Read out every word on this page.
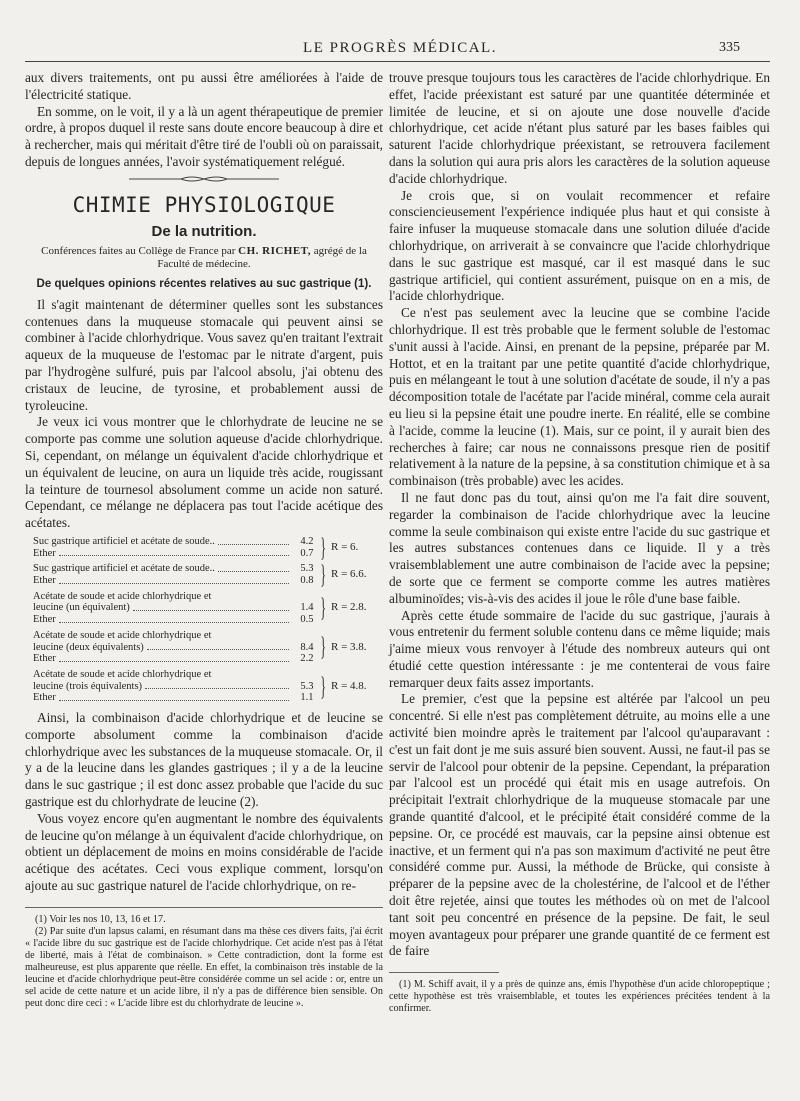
LE PROGRÈS MÉDICAL.	335

aux divers traitements, ont pu aussi être améliorées à l'aide de l'électricité statique.

En somme, on le voit, il y a là un agent thérapeutique de premier ordre, à propos duquel il reste sans doute encore beaucoup à dire et à rechercher, mais qui méritait d'être tiré de l'oubli où on paraissait, depuis de longues années, l'avoir systématiquement relégué.

CHIMIE PHYSIOLOGIQUE
De la nutrition.
Conférences faites au Collège de France par CH. RICHET, agrégé de la Faculté de médecine.
De quelques opinions récentes relatives au suc gastrique (1).

Il s'agit maintenant de déterminer quelles sont les substances contenues dans la muqueuse stomacale qui peuvent ainsi se combiner à l'acide chlorhydrique. Vous savez qu'en traitant l'extrait aqueux de la muqueuse de l'estomac par le nitrate d'argent, puis par l'hydrogène sulfuré, puis par l'alcool absolu, j'ai obtenu des cristaux de leucine, de tyrosine, et probablement aussi de tyroleucine.

Je veux ici vous montrer que le chlorhydrate de leucine ne se comporte pas comme une solution aqueuse d'acide chlorhydrique. Si, cependant, on mélange un équivalent d'acide chlorhydrique et un équivalent de leucine, on aura un liquide très acide, rougissant la teinture de tournesol absolument comme un acide non saturé. Cependant, ce mélange ne déplacera pas tout l'acide acétique des acétates.

Suc gastrique artificiel et acétate de soude..	4.2
Ether	0.7 } R = 6.
Suc gastrique artificiel et acétate de soude..	5.3
Ether	0.8 } R = 6.6.
Acétate de soude et acide chlorhydrique et
leucine (un équivalent)	1.4
Ether	0.5 } R = 2.8.
Acétate de soude et acide chlorhydrique et
leucine (deux équivalents)	8.4
Ether	2.2 } R = 3.8.
Acétate de soude et acide chlorhydrique et
leucine (trois équivalents)	5.3
Ether	1.1 } R = 4.8.

Ainsi, la combinaison d'acide chlorhydrique et de leucine se comporte absolument comme la combinaison d'acide chlorhydrique avec les substances de la muqueuse stomacale. Or, il y a de la leucine dans les glandes gastriques ; il y a de la leucine dans le suc gastrique ; il est donc assez probable que l'acide du suc gastrique est du chlorhydrate de leucine (2).

Vous voyez encore qu'en augmentant le nombre des équivalents de leucine qu'on mélange à un équivalent d'acide chlorhydrique, on obtient un déplacement de moins en moins considérable de l'acide acétique des acétates. Ceci vous explique comment, lorsqu'on ajoute au suc gastrique naturel de l'acide chlorhydrique, on re-

(1) Voir les nos 10, 13, 16 et 17.

(2) Par suite d'un lapsus calami, en résumant dans ma thèse ces divers faits, j'ai écrit « l'acide libre du suc gastrique est de l'acide chlorhydrique. Cet acide n'est pas à l'état de liberté, mais à l'état de combinaison. » Cette contradiction, dont la forme est malheureuse, est plus apparente que réelle. En effet, la combinaison très instable de la leucine et d'acide chlorhydrique peut-être considérée comme un sel acide : or, entre un sel acide de cette nature et un acide libre, il n'y a pas de différence bien sensible. On peut donc dire ceci : « L'acide libre est du chlorhydrate de leucine ».

trouve presque toujours tous les caractères de l'acide chlorhydrique. En effet, l'acide préexistant est saturé par une quantitée déterminée et limitée de leucine, et si on ajoute une dose nouvelle d'acide chlorhydrique, cet acide n'étant plus saturé par les bases faibles qui saturent l'acide chlorhydrique préexistant, se retrouvera facilement dans la solution qui aura pris alors les caractères de la solution aqueuse d'acide chlorhydrique.

Je crois que, si on voulait recommencer et refaire consciencieusement l'expérience indiquée plus haut et qui consiste à faire infuser la muqueuse stomacale dans une solution diluée d'acide chlorhydrique, on arriverait à se convaincre que l'acide chlorhydrique dans le suc gastrique est masqué, car il est masqué dans le suc gastrique artificiel, qui contient assurément, puisque on en a mis, de l'acide chlorhydrique.

Ce n'est pas seulement avec la leucine que se combine l'acide chlorhydrique. Il est très probable que le ferment soluble de l'estomac s'unit aussi à l'acide. Ainsi, en prenant de la pepsine, préparée par M. Hottot, et en la traitant par une petite quantité d'acide chlorhydrique, puis en mélangeant le tout à une solution d'acétate de soude, il n'y a pas décomposition totale de l'acétate par l'acide minéral, comme cela aurait eu lieu si la pepsine était une poudre inerte. En réalité, elle se combine à l'acide, comme la leucine (1). Mais, sur ce point, il y aurait bien des recherches à faire; car nous ne connaissons presque rien de positif relativement à la nature de la pepsine, à sa constitution chimique et à sa combinaison (très probable) avec les acides.

Il ne faut donc pas du tout, ainsi qu'on me l'a fait dire souvent, regarder la combinaison de l'acide chlorhydrique avec la leucine comme la seule combinaison qui existe entre l'acide du suc gastrique et les autres substances contenues dans ce liquide. Il y a très vraisemblablement une autre combinaison de l'acide avec la pepsine; de sorte que ce ferment se comporte comme les autres matières albuminoïdes; vis-à-vis des acides il joue le rôle d'une base faible.

Après cette étude sommaire de l'acide du suc gastrique, j'aurais à vous entretenir du ferment soluble contenu dans ce même liquide; mais j'aime mieux vous renvoyer à l'étude des nombreux auteurs qui ont étudié cette question intéressante : je me contenterai de vous faire remarquer deux faits assez importants.

Le premier, c'est que la pepsine est altérée par l'alcool un peu concentré. Si elle n'est pas complètement détruite, au moins elle a une activité bien moindre après le traitement par l'alcool qu'auparavant : c'est un fait dont je me suis assuré bien souvent. Aussi, ne faut-il pas se servir de l'alcool pour obtenir de la pepsine. Cependant, la préparation par l'alcool est un procédé qui était mis en usage autrefois. On précipitait l'extrait chlorhydrique de la muqueuse stomacale par une grande quantité d'alcool, et le précipité était considéré comme de la pepsine. Or, ce procédé est mauvais, car la pepsine ainsi obtenue est inactive, et un ferment qui n'a pas son maximum d'activité ne peut être considéré comme pur. Aussi, la méthode de Brücke, qui consiste à préparer de la pepsine avec de la cholestérine, de l'alcool et de l'éther doit être rejetée, ainsi que toutes les méthodes où on met de l'alcool tant soit peu concentré en présence de la pepsine. De fait, le seul moyen avantageux pour préparer une grande quantité de ce ferment est de faire

(1) M. Schiff avait, il y a près de quinze ans, émis l'hypothèse d'un acide chloropeptique ; cette hypothèse est très vraisemblable, et toutes les expériences précitées tendent à la confirmer.
